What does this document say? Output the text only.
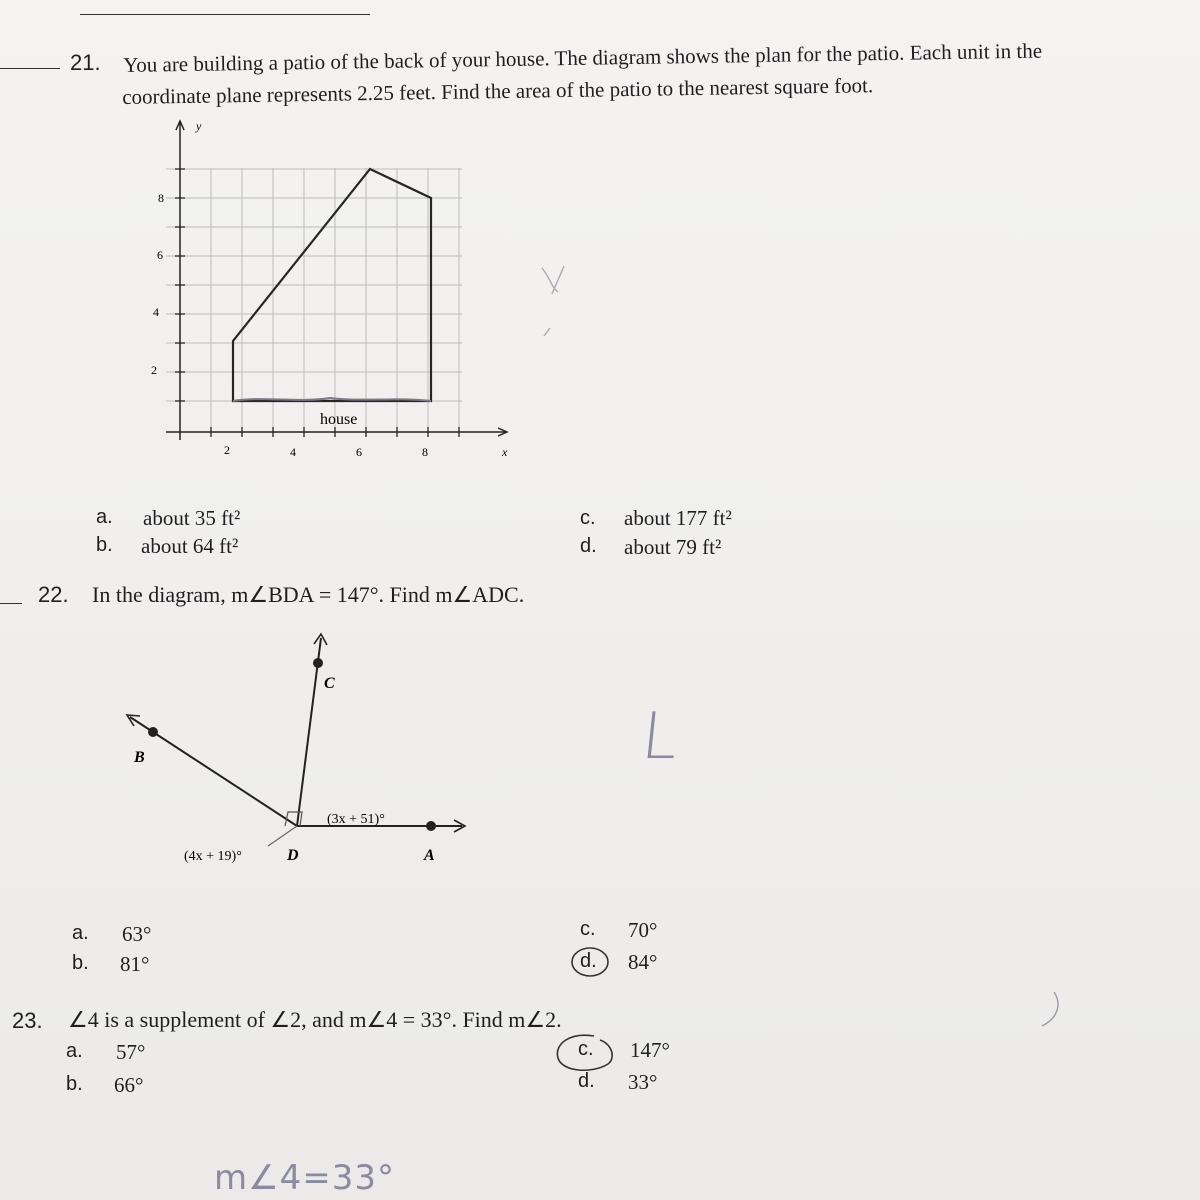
21. You are building a patio of the back of your house. The diagram shows the plan for the patio. Each unit in the
coordinate plane represents 2.25 feet. Find the area of the patio to the nearest square foot.
y
x
8
6
4
2
2	4	6	8
house
a. about 35 ft²
b. about 64 ft²
c. about 177 ft²
d. about 79 ft²
22. In the diagram, m∠BDA = 147°. Find m∠ADC.
B
C
D	A
(3x + 51)°
(4x + 19)°
L
a. 63°
b. 81°
c. 70°
d. 84°
23. ∠4 is a supplement of ∠2, and m∠4 = 33°. Find m∠2.
a. 57°
b. 66°
c. 147°
d. 33°
m∠4=33°
